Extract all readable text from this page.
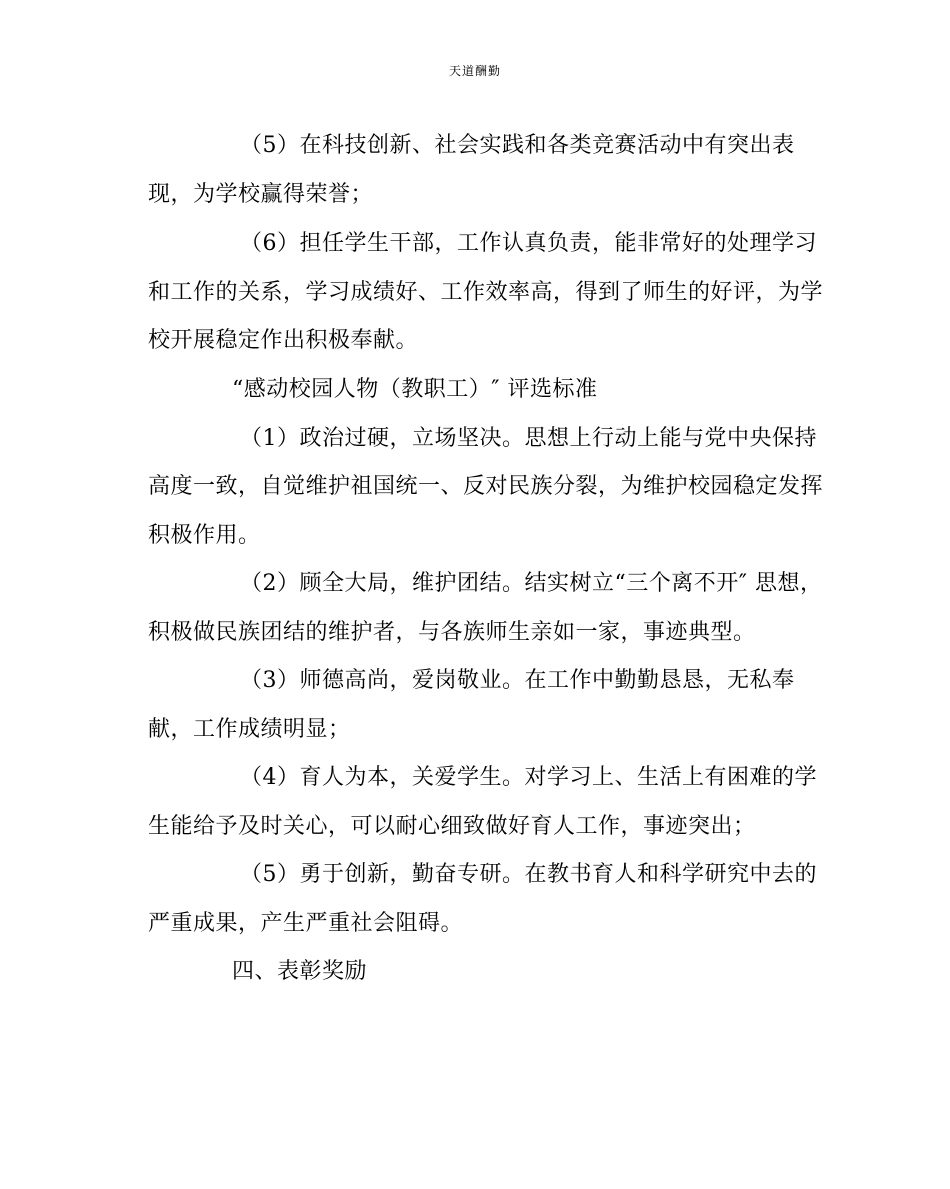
天道酬勤
（5）在科技创新、社会实践和各类竞赛活动中有突出表
现，为学校赢得荣誉；
（6）担任学生干部，工作认真负责，能非常好的处理学习
和工作的关系，学习成绩好、工作效率高，得到了师生的好评，为学
校开展稳定作出积极奉献。
“感动校园人物（教职工）″ 评选标准
（1）政治过硬，立场坚决。思想上行动上能与党中央保持
高度一致，自觉维护祖国统一、反对民族分裂，为维护校园稳定发挥
积极作用。
（2）顾全大局，维护团结。结实树立“三个离不开″ 思想，
积极做民族团结的维护者，与各族师生亲如一家，事迹典型。
（3）师德高尚，爱岗敬业。在工作中勤勤恳恳，无私奉
献，工作成绩明显；
（4）育人为本，关爱学生。对学习上、生活上有困难的学
生能给予及时关心，可以耐心细致做好育人工作，事迹突出；
（5）勇于创新，勤奋专研。在教书育人和科学研究中去的
严重成果，产生严重社会阻碍。
四、表彰奖励
